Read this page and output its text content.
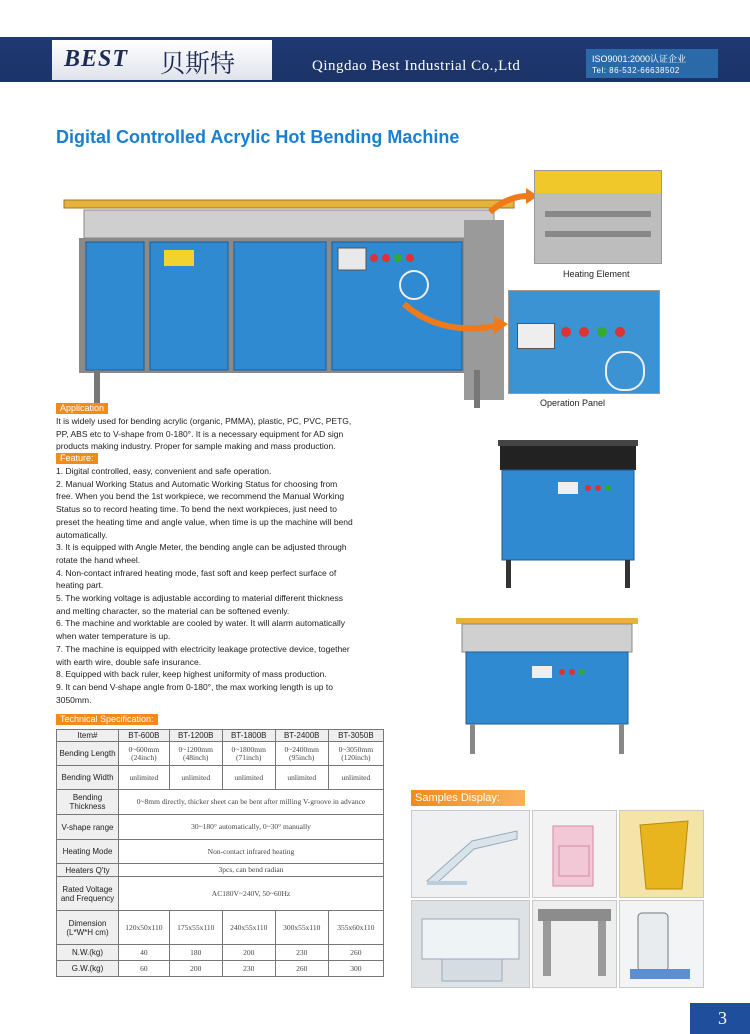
BEST 贝斯特	Qingdao Best Industrial Co.,Ltd	ISO9001:2000认证企业
Tel: 86-532-66638502
Digital Controlled Acrylic Hot Bending Machine
Heating Element
Operation Panel
Application
It is widely used for bending acrylic (organic, PMMA), plastic, PC, PVC, PETG,
PP, ABS etc to V-shape from 0-180°. It is a necessary equipment for AD sign
products making industry. Proper for sample making and mass production.
Feature:
1. Digital controlled, easy, convenient and safe operation.
2. Manual Working Status and Automatic Working Status for choosing from
free. When you bend the 1st workpiece, we recommend the Manual Working
Status so to record heating time. To bend the next workpieces, just need to
preset the heating time and angle value, when time is up the machine will bend
automatically.
3. It is equipped with Angle Meter, the bending angle can be adjusted through
rotate the hand wheel.
4. Non-contact infrared heating mode, fast soft and keep perfect surface of
heating part.
5. The working voltage is adjustable according to material different thickness
and melting character, so the material can be softened evenly.
6. The machine and worktable are cooled by water. It will alarm automatically
when water temperature is up.
7. The machine is equipped with electricity leakage protective device, together
with earth wire, double safe insurance.
8. Equipped with back ruler, keep highest uniformity of mass production.
9. It can bend V-shape angle from 0-180°, the max working length is up to
3050mm.
Technical Specification:
Item#	BT-600B	BT-1200B	BT-1800B	BT-2400B	BT-3050B
Bending Length	0~600mm (24inch)	0~1200mm (48inch)	0~1800mm (71inch)	0~2400mm (95inch)	0~3050mm (120inch)
Bending Width	unlimited	unlimited	unlimited	unlimited	unlimited
Bending Thickness	0~8mm directly, thicker sheet can be bent after milling V-groove in advance				
V-shape range	30~180° automatically, 0~30° manually				
Heating Mode	Non-contact infrared heating				
Heaters Q'ty	3pcs, can bend radian				
Rated Voltage and Frequency	AC180V~240V, 50~60Hz				
Dimension (L*W*H cm)	120x50x110	175x55x110	240x55x110	300x55x110	355x60x110
N.W.(kg)	40	180	200	230	260
G.W.(kg)	60	200	230	260	300
Samples Display:
3
